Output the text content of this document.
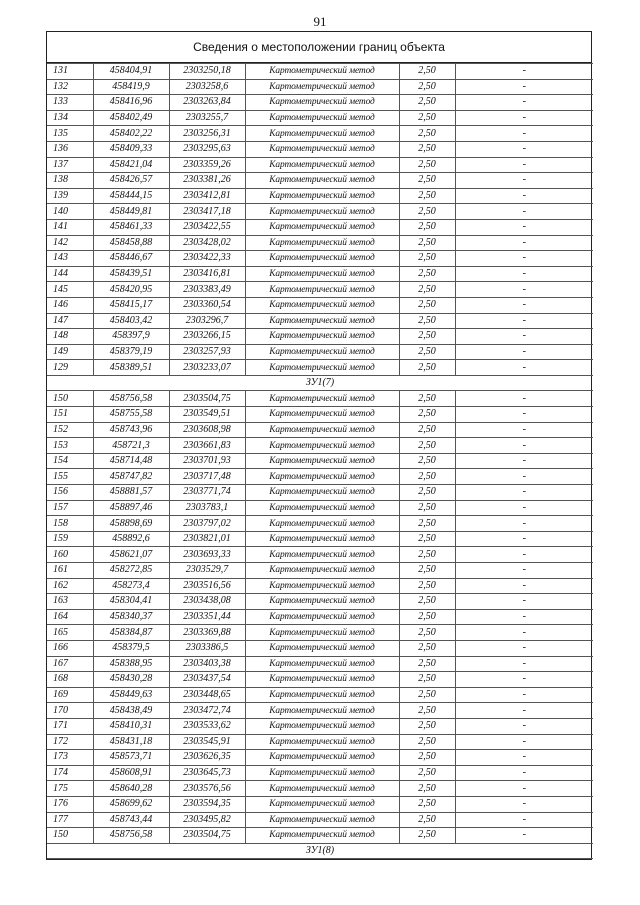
91
Сведения о местоположении границ объекта
131	458404,91	2303250,18	Картометрический метод	2,50	-
132	458419,9	2303258,6	Картометрический метод	2,50	-
133	458416,96	2303263,84	Картометрический метод	2,50	-
134	458402,49	2303255,7	Картометрический метод	2,50	-
135	458402,22	2303256,31	Картометрический метод	2,50	-
136	458409,33	2303295,63	Картометрический метод	2,50	-
137	458421,04	2303359,26	Картометрический метод	2,50	-
138	458426,57	2303381,26	Картометрический метод	2,50	-
139	458444,15	2303412,81	Картометрический метод	2,50	-
140	458449,81	2303417,18	Картометрический метод	2,50	-
141	458461,33	2303422,55	Картометрический метод	2,50	-
142	458458,88	2303428,02	Картометрический метод	2,50	-
143	458446,67	2303422,33	Картометрический метод	2,50	-
144	458439,51	2303416,81	Картометрический метод	2,50	-
145	458420,95	2303383,49	Картометрический метод	2,50	-
146	458415,17	2303360,54	Картометрический метод	2,50	-
147	458403,42	2303296,7	Картометрический метод	2,50	-
148	458397,9	2303266,15	Картометрический метод	2,50	-
149	458379,19	2303257,93	Картометрический метод	2,50	-
129	458389,51	2303233,07	Картометрический метод	2,50	-
ЗУ1(7)					
150	458756,58	2303504,75	Картометрический метод	2,50	-
151	458755,58	2303549,51	Картометрический метод	2,50	-
152	458743,96	2303608,98	Картометрический метод	2,50	-
153	458721,3	2303661,83	Картометрический метод	2,50	-
154	458714,48	2303701,93	Картометрический метод	2,50	-
155	458747,82	2303717,48	Картометрический метод	2,50	-
156	458881,57	2303771,74	Картометрический метод	2,50	-
157	458897,46	2303783,1	Картометрический метод	2,50	-
158	458898,69	2303797,02	Картометрический метод	2,50	-
159	458892,6	2303821,01	Картометрический метод	2,50	-
160	458621,07	2303693,33	Картометрический метод	2,50	-
161	458272,85	2303529,7	Картометрический метод	2,50	-
162	458273,4	2303516,56	Картометрический метод	2,50	-
163	458304,41	2303438,08	Картометрический метод	2,50	-
164	458340,37	2303351,44	Картометрический метод	2,50	-
165	458384,87	2303369,88	Картометрический метод	2,50	-
166	458379,5	2303386,5	Картометрический метод	2,50	-
167	458388,95	2303403,38	Картометрический метод	2,50	-
168	458430,28	2303437,54	Картометрический метод	2,50	-
169	458449,63	2303448,65	Картометрический метод	2,50	-
170	458438,49	2303472,74	Картометрический метод	2,50	-
171	458410,31	2303533,62	Картометрический метод	2,50	-
172	458431,18	2303545,91	Картометрический метод	2,50	-
173	458573,71	2303626,35	Картометрический метод	2,50	-
174	458608,91	2303645,73	Картометрический метод	2,50	-
175	458640,28	2303576,56	Картометрический метод	2,50	-
176	458699,62	2303594,35	Картометрический метод	2,50	-
177	458743,44	2303495,82	Картометрический метод	2,50	-
150	458756,58	2303504,75	Картометрический метод	2,50	-
ЗУ1(8)					
